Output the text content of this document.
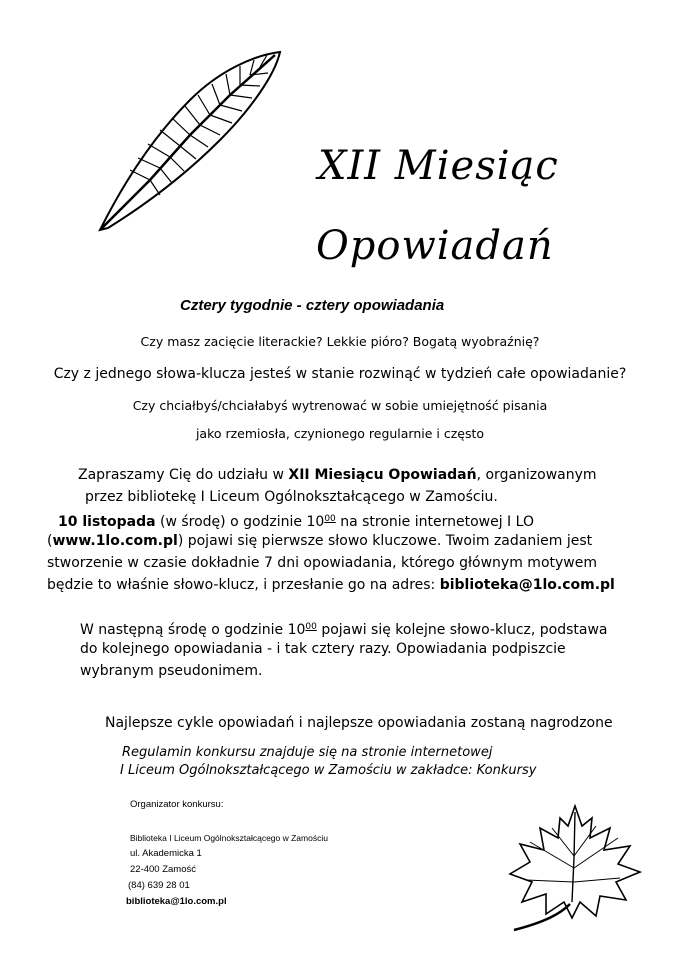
XII Miesiąc
Opowiadań
Cztery tygodnie - cztery opowiadania
Czy masz zacięcie literackie? Lekkie pióro? Bogatą wyobraźnię?
Czy z jednego słowa-klucza jesteś w stanie rozwinąć w tydzień całe opowiadanie?
Czy chciałbyś/chciałabyś wytrenować w sobie umiejętność pisania
jako rzemiosła, czynionego regularnie i często
Zapraszamy Cię do udziału w XII Miesiącu Opowiadań, organizowanym
przez bibliotekę I Liceum Ogólnokształcącego w Zamościu.
10 listopada (w środę) o godzinie $10^{00}$ na stronie internetowej I LO
(www.1lo.com.pl) pojawi się pierwsze słowo kluczowe. Twoim zadaniem jest
stworzenie w czasie dokładnie 7 dni opowiadania, którego głównym motywem
będzie to właśnie słowo-klucz, i przesłanie go na adres: biblioteka@1lo.com.pl
W następną środę o godzinie $10^{00}$ pojawi się kolejne słowo-klucz, podstawa
do kolejnego opowiadania - i tak cztery razy. Opowiadania podpiszcie
wybranym pseudonimem.
Najlepsze cykle opowiadań i najlepsze opowiadania zostaną nagrodzone
Regulamin konkursu znajduje się na stronie internetowej
I Liceum Ogólnokształcącego w Zamościu w zakładce: Konkursy
Organizator konkursu:
Biblioteka I Liceum Ogólnokształcącego w Zamościu
ul. Akademicka 1
22-400 Zamość
(84) 639 28 01
biblioteka@1lo.com.pl
